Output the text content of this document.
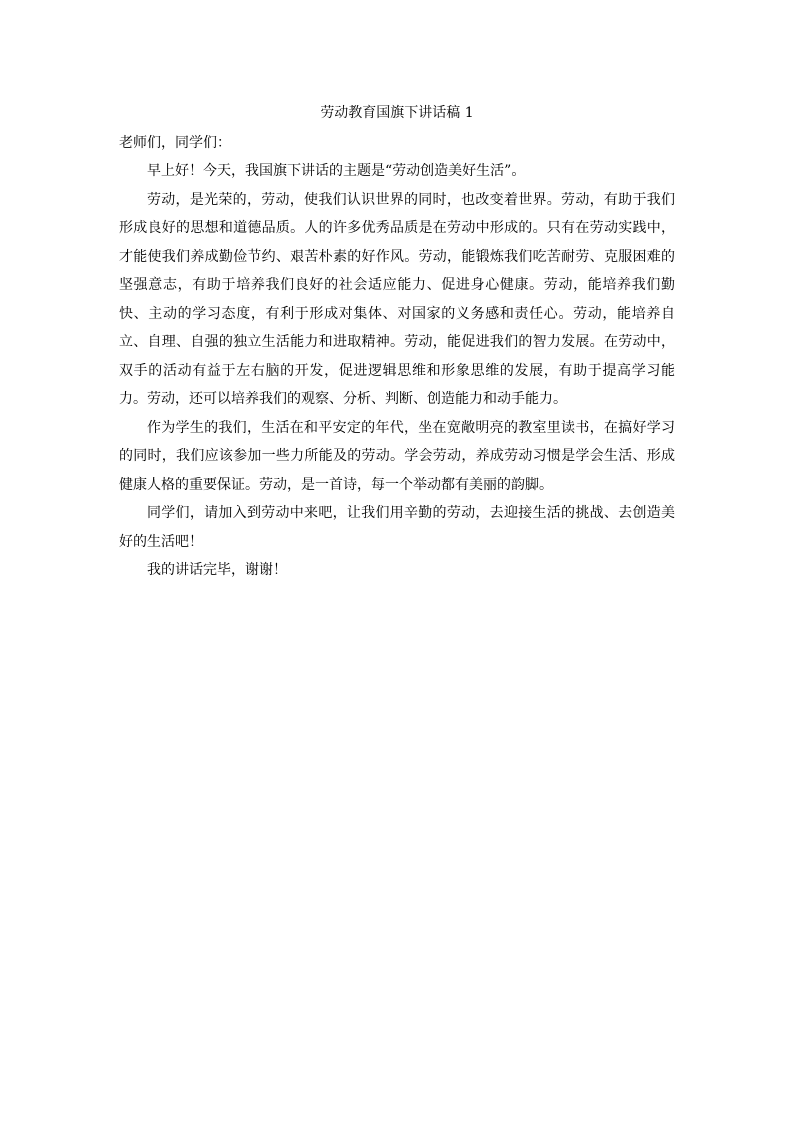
劳动教育国旗下讲话稿 1
老师们，同学们：

早上好！今天，我国旗下讲话的主题是“劳动创造美好生活”。

劳动，是光荣的，劳动，使我们认识世界的同时，也改变着世界。劳动，有助于我们形成良好的思想和道德品质。人的许多优秀品质是在劳动中形成的。只有在劳动实践中，才能使我们养成勤俭节约、艰苦朴素的好作风。劳动，能锻炼我们吃苦耐劳、克服困难的坚强意志，有助于培养我们良好的社会适应能力、促进身心健康。劳动，能培养我们勤快、主动的学习态度，有利于形成对集体、对国家的义务感和责任心。劳动，能培养自立、自理、自强的独立生活能力和进取精神。劳动，能促进我们的智力发展。在劳动中，双手的活动有益于左右脑的开发，促进逻辑思维和形象思维的发展，有助于提高学习能力。劳动，还可以培养我们的观察、分析、判断、创造能力和动手能力。

作为学生的我们，生活在和平安定的年代，坐在宽敞明亮的教室里读书，在搞好学习的同时，我们应该参加一些力所能及的劳动。学会劳动，养成劳动习惯是学会生活、形成健康人格的重要保证。劳动，是一首诗，每一个举动都有美丽的韵脚。

同学们，请加入到劳动中来吧，让我们用辛勤的劳动，去迎接生活的挑战、去创造美好的生活吧！

我的讲话完毕，谢谢！
